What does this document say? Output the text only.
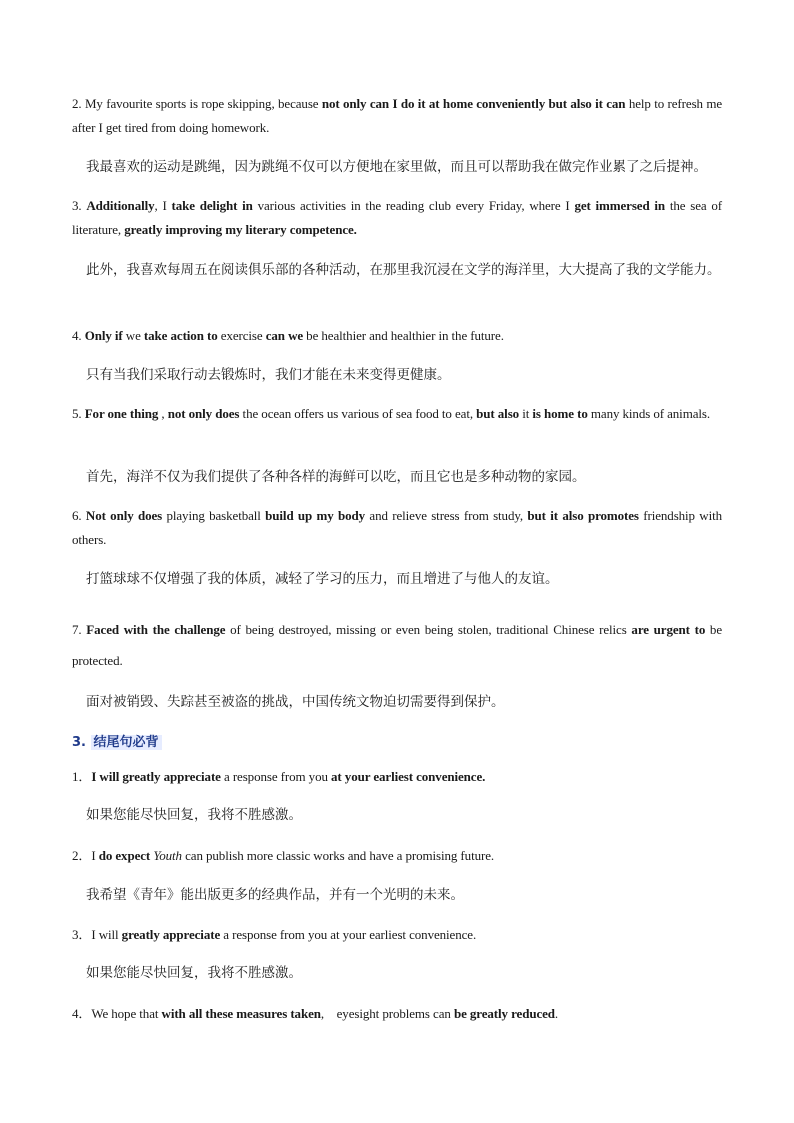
2. My favourite sports is rope skipping, because not only can I do it at home conveniently but also it can help to refresh me after I get tired from doing homework.

我最喜欢的运动是跳绳，因为跳绳不仅可以方便地在家里做，而且可以帮助我在做完作业累了之后提神。

3. Additionally, I take delight in various activities in the reading club every Friday, where I get immersed in the sea of literature, greatly improving my literary competence.

此外，我喜欢每周五在阅读俱乐部的各种活动，在那里我沉浸在文学的海洋里，大大提高了我的文学能力。

4. Only if we take action to exercise can we be healthier and healthier in the future.

只有当我们采取行动去锻炼时，我们才能在未来变得更健康。

5. For one thing , not only does the ocean offers us various of sea food to eat, but also it is home to many kinds of animals.

首先，海洋不仅为我们提供了各种各样的海鲜可以吃，而且它也是多种动物的家园。

6. Not only does playing basketball build up my body and relieve stress from study, but it also promotes friendship with others.

打篮球球不仅增强了我的体质，减轻了学习的压力，而且增进了与他人的友谊。

7. Faced with the challenge of being destroyed, missing or even being stolen, traditional Chinese relics are urgent to be protected.

面对被销毁、失踪甚至被盗的挑战，中国传统文物迫切需要得到保护。

3. 结尾句必背

1．I will greatly appreciate a response from you at your earliest convenience.

如果您能尽快回复，我将不胜感激。

2．I do expect Youth can publish more classic works and have a promising future.

我希望《青年》能出版更多的经典作品，并有一个光明的未来。

3．I will greatly appreciate a response from you at your earliest convenience.

如果您能尽快回复，我将不胜感激。

4．We hope that with all these measures taken,    eyesight problems can be greatly reduced.
